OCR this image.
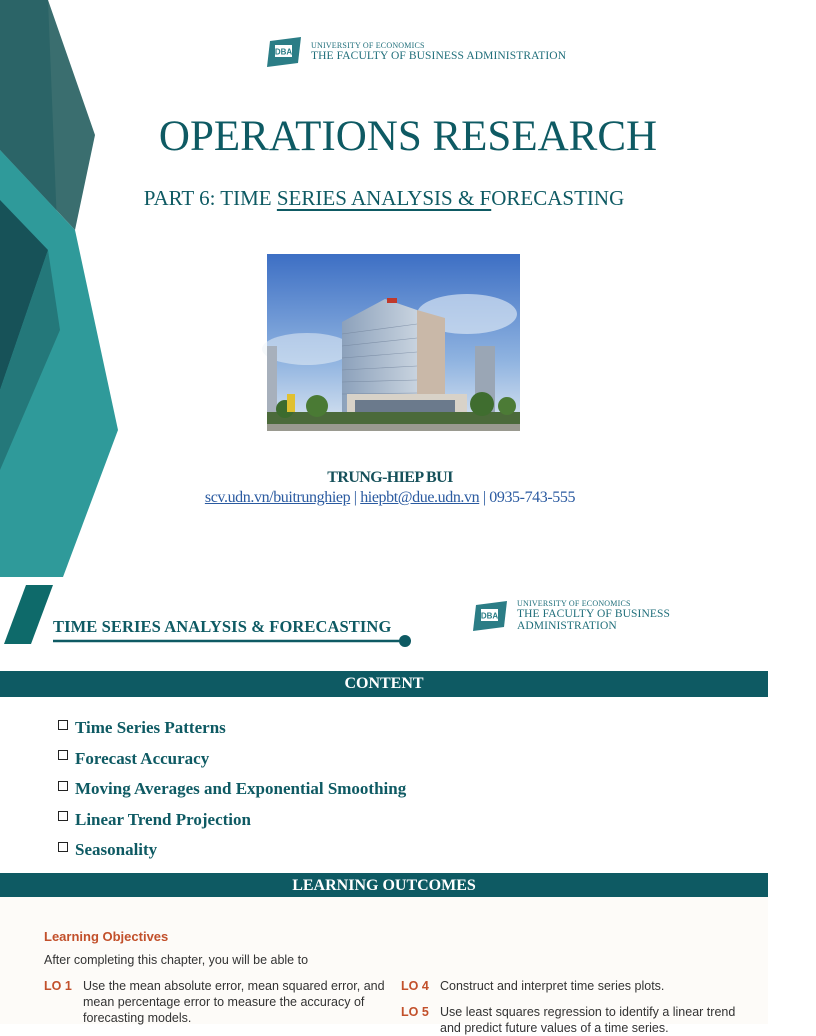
DBA
UNIVERSITY OF ECONOMICS
THE FACULTY OF BUSINESS ADMINISTRATION
OPERATIONS RESEARCH
PART 6: TIME SERIES ANALYSIS & FORECASTING
TRUNG-HIEP BUI
scv.udn.vn/buitrunghiep | hiepbt@due.udn.vn | 0935-743-555
TIME SERIES ANALYSIS & FORECASTING
DBA
UNIVERSITY OF ECONOMICS
THE FACULTY OF BUSINESS ADMINISTRATION
CONTENT
Time Series Patterns
Forecast Accuracy
Moving Averages and Exponential Smoothing
Linear Trend Projection
Seasonality
LEARNING OUTCOMES
Learning Objectives
After completing this chapter, you will be able to
LO 1 Use the mean absolute error, mean squared error, and
mean percentage error to measure the accuracy of
forecasting models.
LO 4 Construct and interpret time series plots.
LO 5 Use least squares regression to identify a linear trend
and predict future values of a time series.
